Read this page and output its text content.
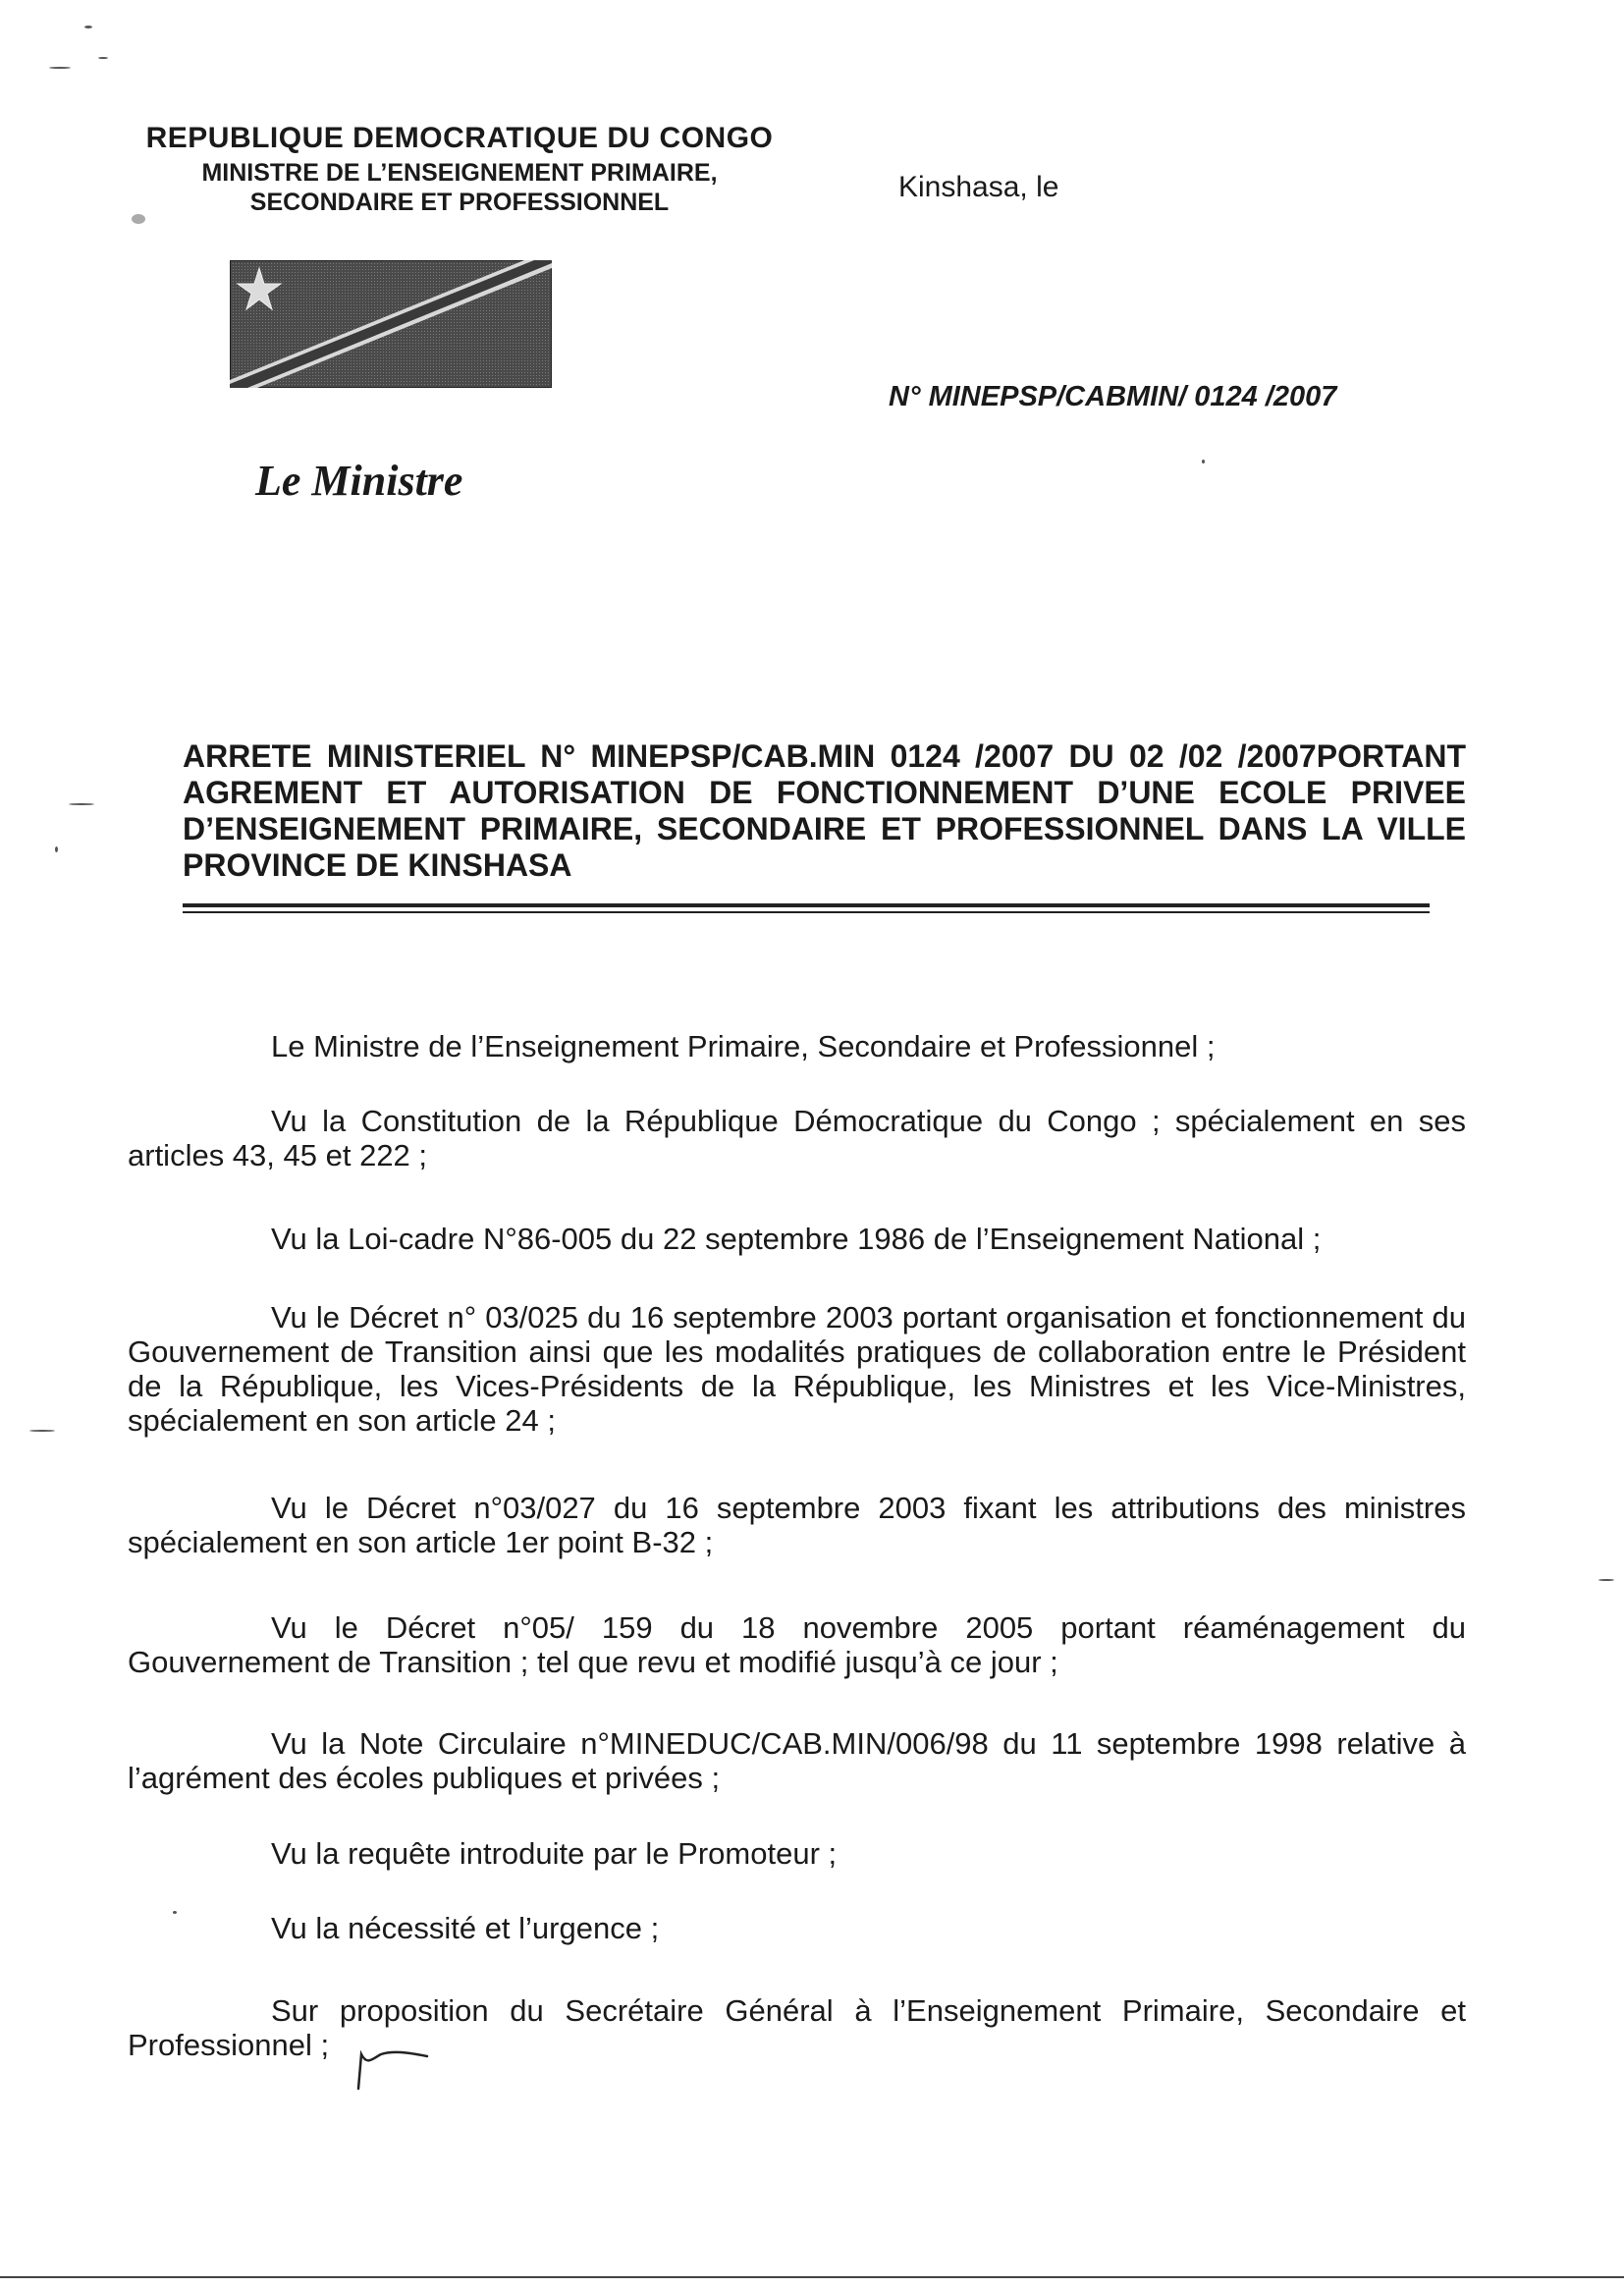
REPUBLIQUE DEMOCRATIQUE DU CONGO
MINISTRE DE L’ENSEIGNEMENT PRIMAIRE,
SECONDAIRE ET PROFESSIONNEL	Kinshasa, le
N° MINEPSP/CABMIN/ 0124 /2007
Le Ministre
ARRETE MINISTERIEL N° MINEPSP/CAB.MIN 0124 /2007 DU 02 /02 /2007PORTANT AGREMENT ET AUTORISATION DE FONCTIONNEMENT D’UNE ECOLE PRIVEE D’ENSEIGNEMENT PRIMAIRE, SECONDAIRE ET PROFESSIONNEL DANS LA VILLE PROVINCE DE KINSHASA
Le Ministre de l’Enseignement Primaire, Secondaire et Professionnel ;
Vu la Constitution de la République Démocratique du Congo ; spécialement en ses articles 43, 45 et 222 ;
Vu la Loi-cadre N°86-005 du 22 septembre 1986 de l’Enseignement National ;
Vu le Décret n° 03/025 du 16 septembre 2003 portant organisation et fonctionnement du Gouvernement de Transition ainsi que les modalités pratiques de collaboration entre le Président de la République, les Vices-Présidents de la République, les Ministres et les Vice-Ministres, spécialement en son article 24 ;
Vu le Décret n°03/027 du 16 septembre 2003 fixant les attributions des ministres spécialement en son article 1er point B-32 ;
Vu le Décret n°05/ 159 du 18 novembre 2005 portant réaménagement du Gouvernement de Transition ; tel que revu et modifié jusqu’à ce jour ;
Vu la Note Circulaire n°MINEDUC/CAB.MIN/006/98 du 11 septembre 1998 relative à l’agrément des écoles publiques et privées ;
Vu la requête introduite par le Promoteur ;
Vu la nécessité et l’urgence ;
Sur proposition du Secrétaire Général à l’Enseignement Primaire, Secondaire et Professionnel ;
